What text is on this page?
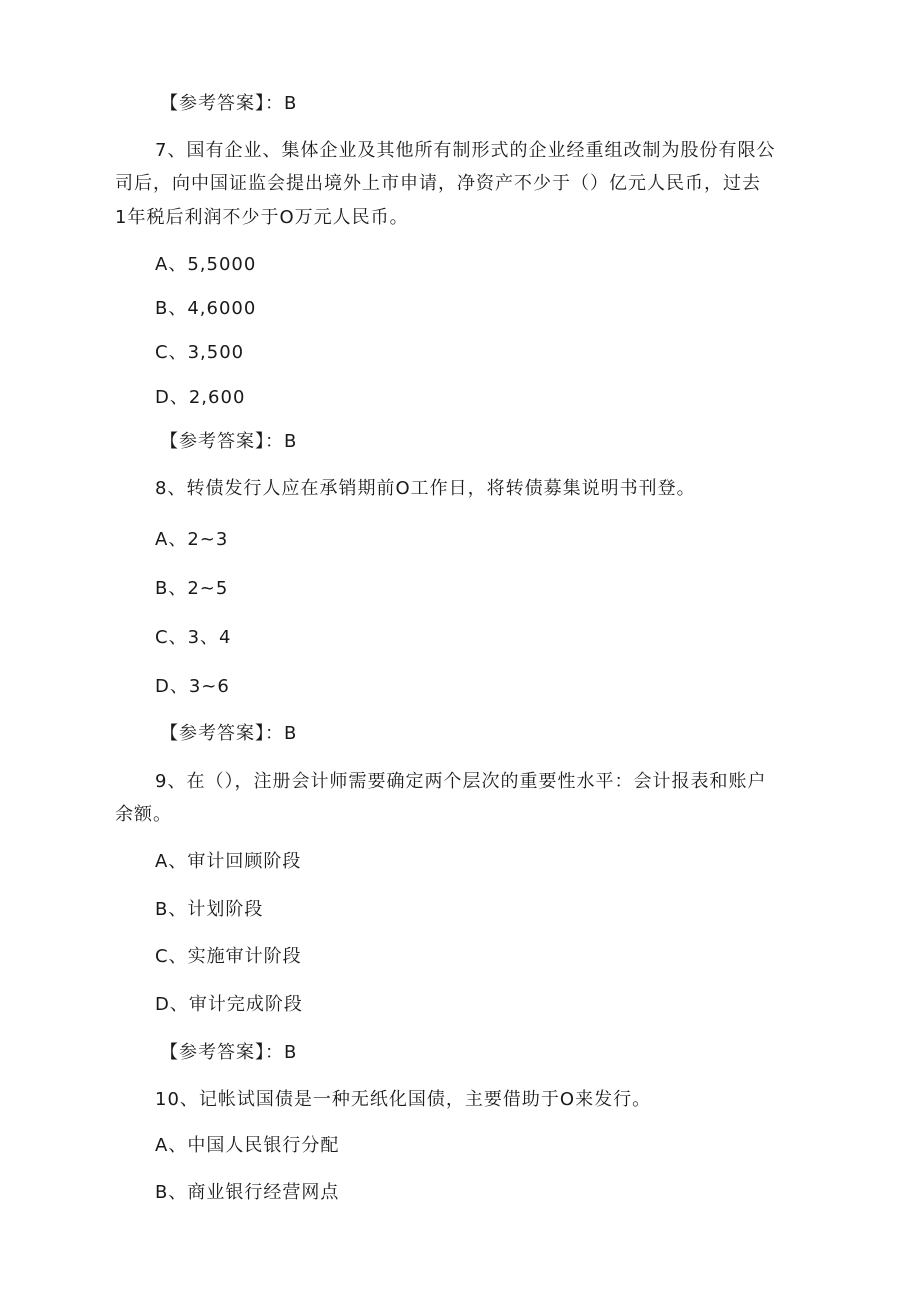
【参考答案】：B
7、国有企业、集体企业及其他所有制形式的企业经重组改制为股份有限公
司后，向中国证监会提出境外上市申请，净资产不少于（）亿元人民币，过去
1年税后利润不少于O万元人民币。
A、5,5000
B、4,6000
C、3,500
D、2,600
【参考答案】：B
8、转债发行人应在承销期前O工作日，将转债募集说明书刊登。
A、2~3
B、2~5
C、3、4
D、3~6
【参考答案】：B
9、在（），注册会计师需要确定两个层次的重要性水平：会计报表和账户
余额。
A、审计回顾阶段
B、计划阶段
C、实施审计阶段
D、审计完成阶段
【参考答案】：B
10、记帐试国债是一种无纸化国债，主要借助于O来发行。
A、中国人民银行分配
B、商业银行经营网点
